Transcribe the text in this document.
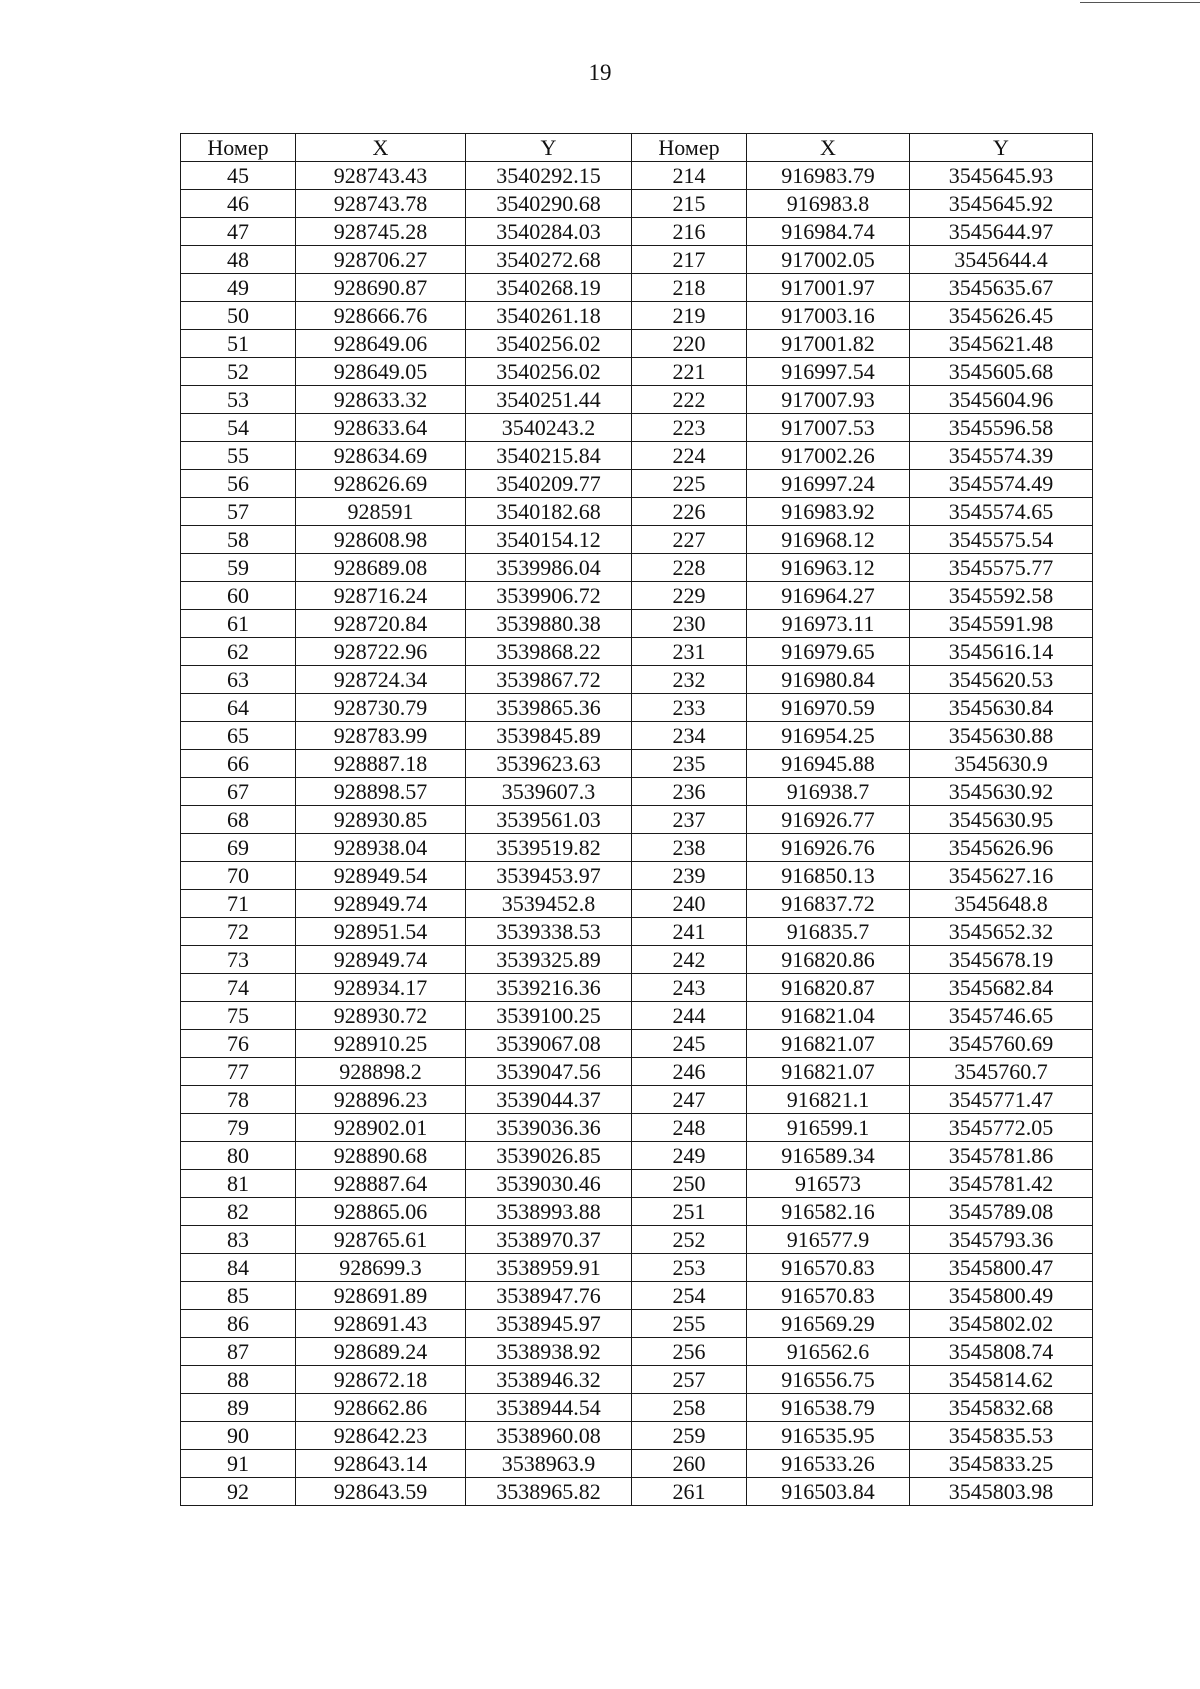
19
Номер	X	Y	Номер	X	Y
45	928743.43	3540292.15	214	916983.79	3545645.93
46	928743.78	3540290.68	215	916983.8	3545645.92
47	928745.28	3540284.03	216	916984.74	3545644.97
48	928706.27	3540272.68	217	917002.05	3545644.4
49	928690.87	3540268.19	218	917001.97	3545635.67
50	928666.76	3540261.18	219	917003.16	3545626.45
51	928649.06	3540256.02	220	917001.82	3545621.48
52	928649.05	3540256.02	221	916997.54	3545605.68
53	928633.32	3540251.44	222	917007.93	3545604.96
54	928633.64	3540243.2	223	917007.53	3545596.58
55	928634.69	3540215.84	224	917002.26	3545574.39
56	928626.69	3540209.77	225	916997.24	3545574.49
57	928591	3540182.68	226	916983.92	3545574.65
58	928608.98	3540154.12	227	916968.12	3545575.54
59	928689.08	3539986.04	228	916963.12	3545575.77
60	928716.24	3539906.72	229	916964.27	3545592.58
61	928720.84	3539880.38	230	916973.11	3545591.98
62	928722.96	3539868.22	231	916979.65	3545616.14
63	928724.34	3539867.72	232	916980.84	3545620.53
64	928730.79	3539865.36	233	916970.59	3545630.84
65	928783.99	3539845.89	234	916954.25	3545630.88
66	928887.18	3539623.63	235	916945.88	3545630.9
67	928898.57	3539607.3	236	916938.7	3545630.92
68	928930.85	3539561.03	237	916926.77	3545630.95
69	928938.04	3539519.82	238	916926.76	3545626.96
70	928949.54	3539453.97	239	916850.13	3545627.16
71	928949.74	3539452.8	240	916837.72	3545648.8
72	928951.54	3539338.53	241	916835.7	3545652.32
73	928949.74	3539325.89	242	916820.86	3545678.19
74	928934.17	3539216.36	243	916820.87	3545682.84
75	928930.72	3539100.25	244	916821.04	3545746.65
76	928910.25	3539067.08	245	916821.07	3545760.69
77	928898.2	3539047.56	246	916821.07	3545760.7
78	928896.23	3539044.37	247	916821.1	3545771.47
79	928902.01	3539036.36	248	916599.1	3545772.05
80	928890.68	3539026.85	249	916589.34	3545781.86
81	928887.64	3539030.46	250	916573	3545781.42
82	928865.06	3538993.88	251	916582.16	3545789.08
83	928765.61	3538970.37	252	916577.9	3545793.36
84	928699.3	3538959.91	253	916570.83	3545800.47
85	928691.89	3538947.76	254	916570.83	3545800.49
86	928691.43	3538945.97	255	916569.29	3545802.02
87	928689.24	3538938.92	256	916562.6	3545808.74
88	928672.18	3538946.32	257	916556.75	3545814.62
89	928662.86	3538944.54	258	916538.79	3545832.68
90	928642.23	3538960.08	259	916535.95	3545835.53
91	928643.14	3538963.9	260	916533.26	3545833.25
92	928643.59	3538965.82	261	916503.84	3545803.98
